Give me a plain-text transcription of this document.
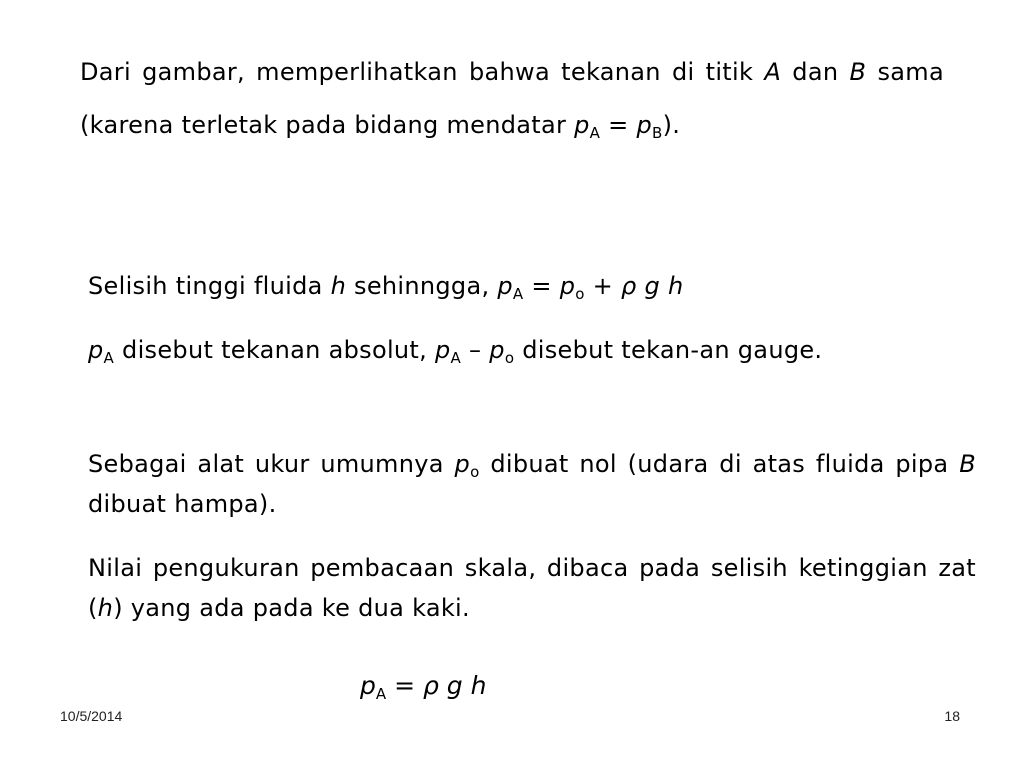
Dari gambar, memperlihatkan bahwa tekanan di titik A dan B sama (karena terletak pada bidang mendatar $p_A = p_B$).

Selisih tinggi fluida h sehinngga, $p_A = p_o + \rho$ g h

$p_A$ disebut tekanan absolut, $p_A - p_o$ disebut tekan-an gauge.

Sebagai alat ukur umumnya $p_o$ dibuat nol (udara di atas fluida pipa B dibuat hampa).

Nilai pengukuran pembacaan skala, dibaca pada selisih ketinggian zat (h) yang ada pada ke dua kaki.

$p_A = \rho$ g h

10/5/2014	18
